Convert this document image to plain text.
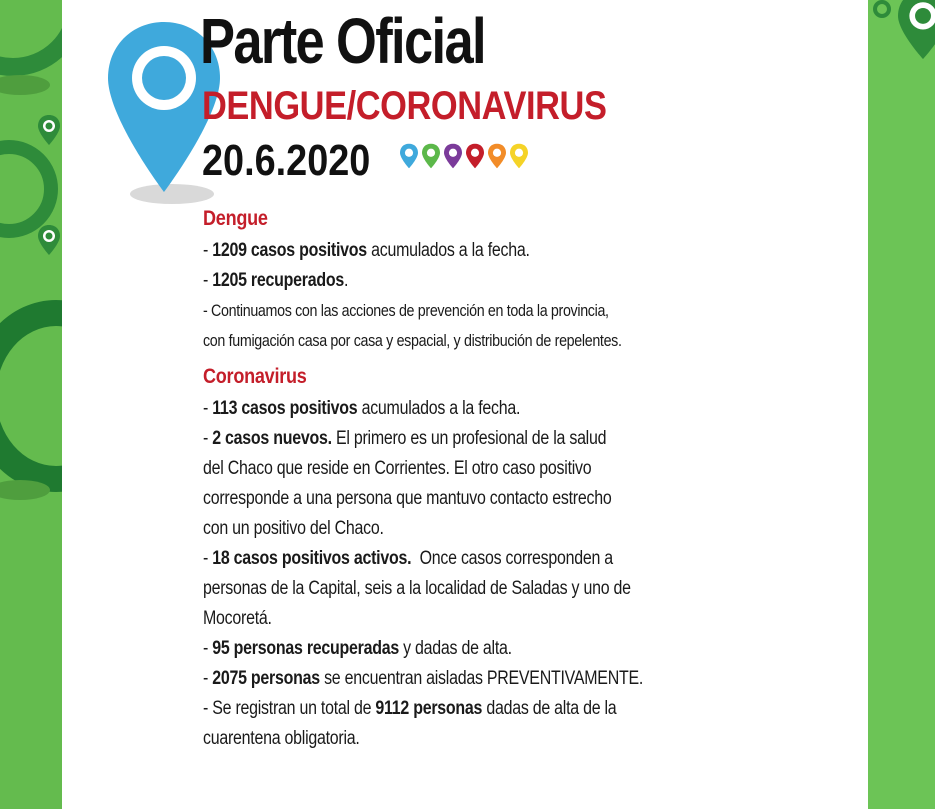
Parte Oficial
DENGUE/CORONAVIRUS
20.6.2020
Dengue
- 1209 casos positivos acumulados a la fecha.
- 1205 recuperados.
- Continuamos con las acciones de prevención en toda la provincia,
con fumigación casa por casa y espacial, y distribución de repelentes.
Coronavirus
- 113 casos positivos acumulados a la fecha.
- 2 casos nuevos. El primero es un profesional de la salud
del Chaco que reside en Corrientes. El otro caso positivo
corresponde a una persona que mantuvo contacto estrecho
con un positivo del Chaco.
- 18 casos positivos activos.  Once casos corresponden a
personas de la Capital, seis a la localidad de Saladas y uno de
Mocoretá.
- 95 personas recuperadas y dadas de alta.
- 2075 personas se encuentran aisladas PREVENTIVAMENTE.
- Se registran un total de 9112 personas dadas de alta de la
cuarentena obligatoria.
